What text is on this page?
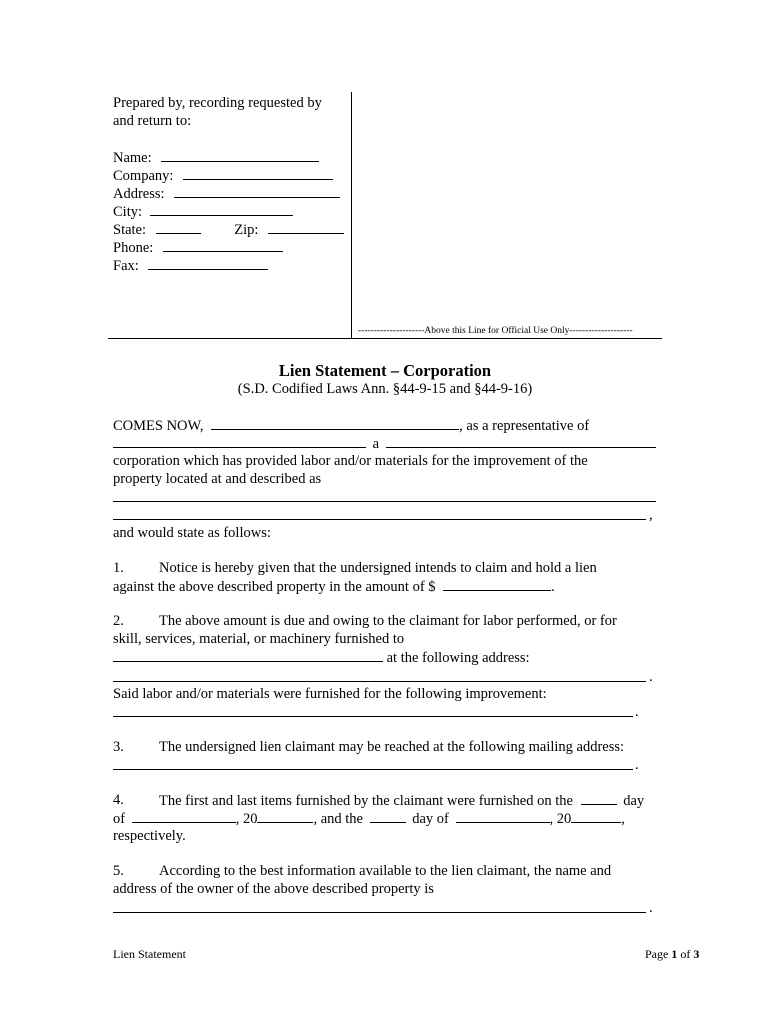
Prepared by, recording requested by
and return to:
Name:
Company:
Address:
City:
State:	Zip:
Phone:
Fax:
---------------------Above this Line for Official Use Only--------------------
Lien Statement – Corporation
(S.D. Codified Laws Ann. §44-9-15 and §44-9-16)
COMES NOW,	, as a representative of
a
corporation which has provided labor and/or materials for the improvement of the
property located at and described as
,
and would state as follows:
1. Notice is hereby given that the undersigned intends to claim and hold a lien
against the above described property in the amount of $	.
2. The above amount is due and owing to the claimant for labor performed, or for
skill, services, material, or machinery furnished to
at the following address:
.
Said labor and/or materials were furnished for the following improvement:
.
3. The undersigned lien claimant may be reached at the following mailing address:
.
4. The first and last items furnished by the claimant were furnished on the	day
of	, 20	, and the	day of	, 20	,
respectively.
5. According to the best information available to the lien claimant, the name and
address of the owner of the above described property is
.
Lien Statement	Page 1 of 3
